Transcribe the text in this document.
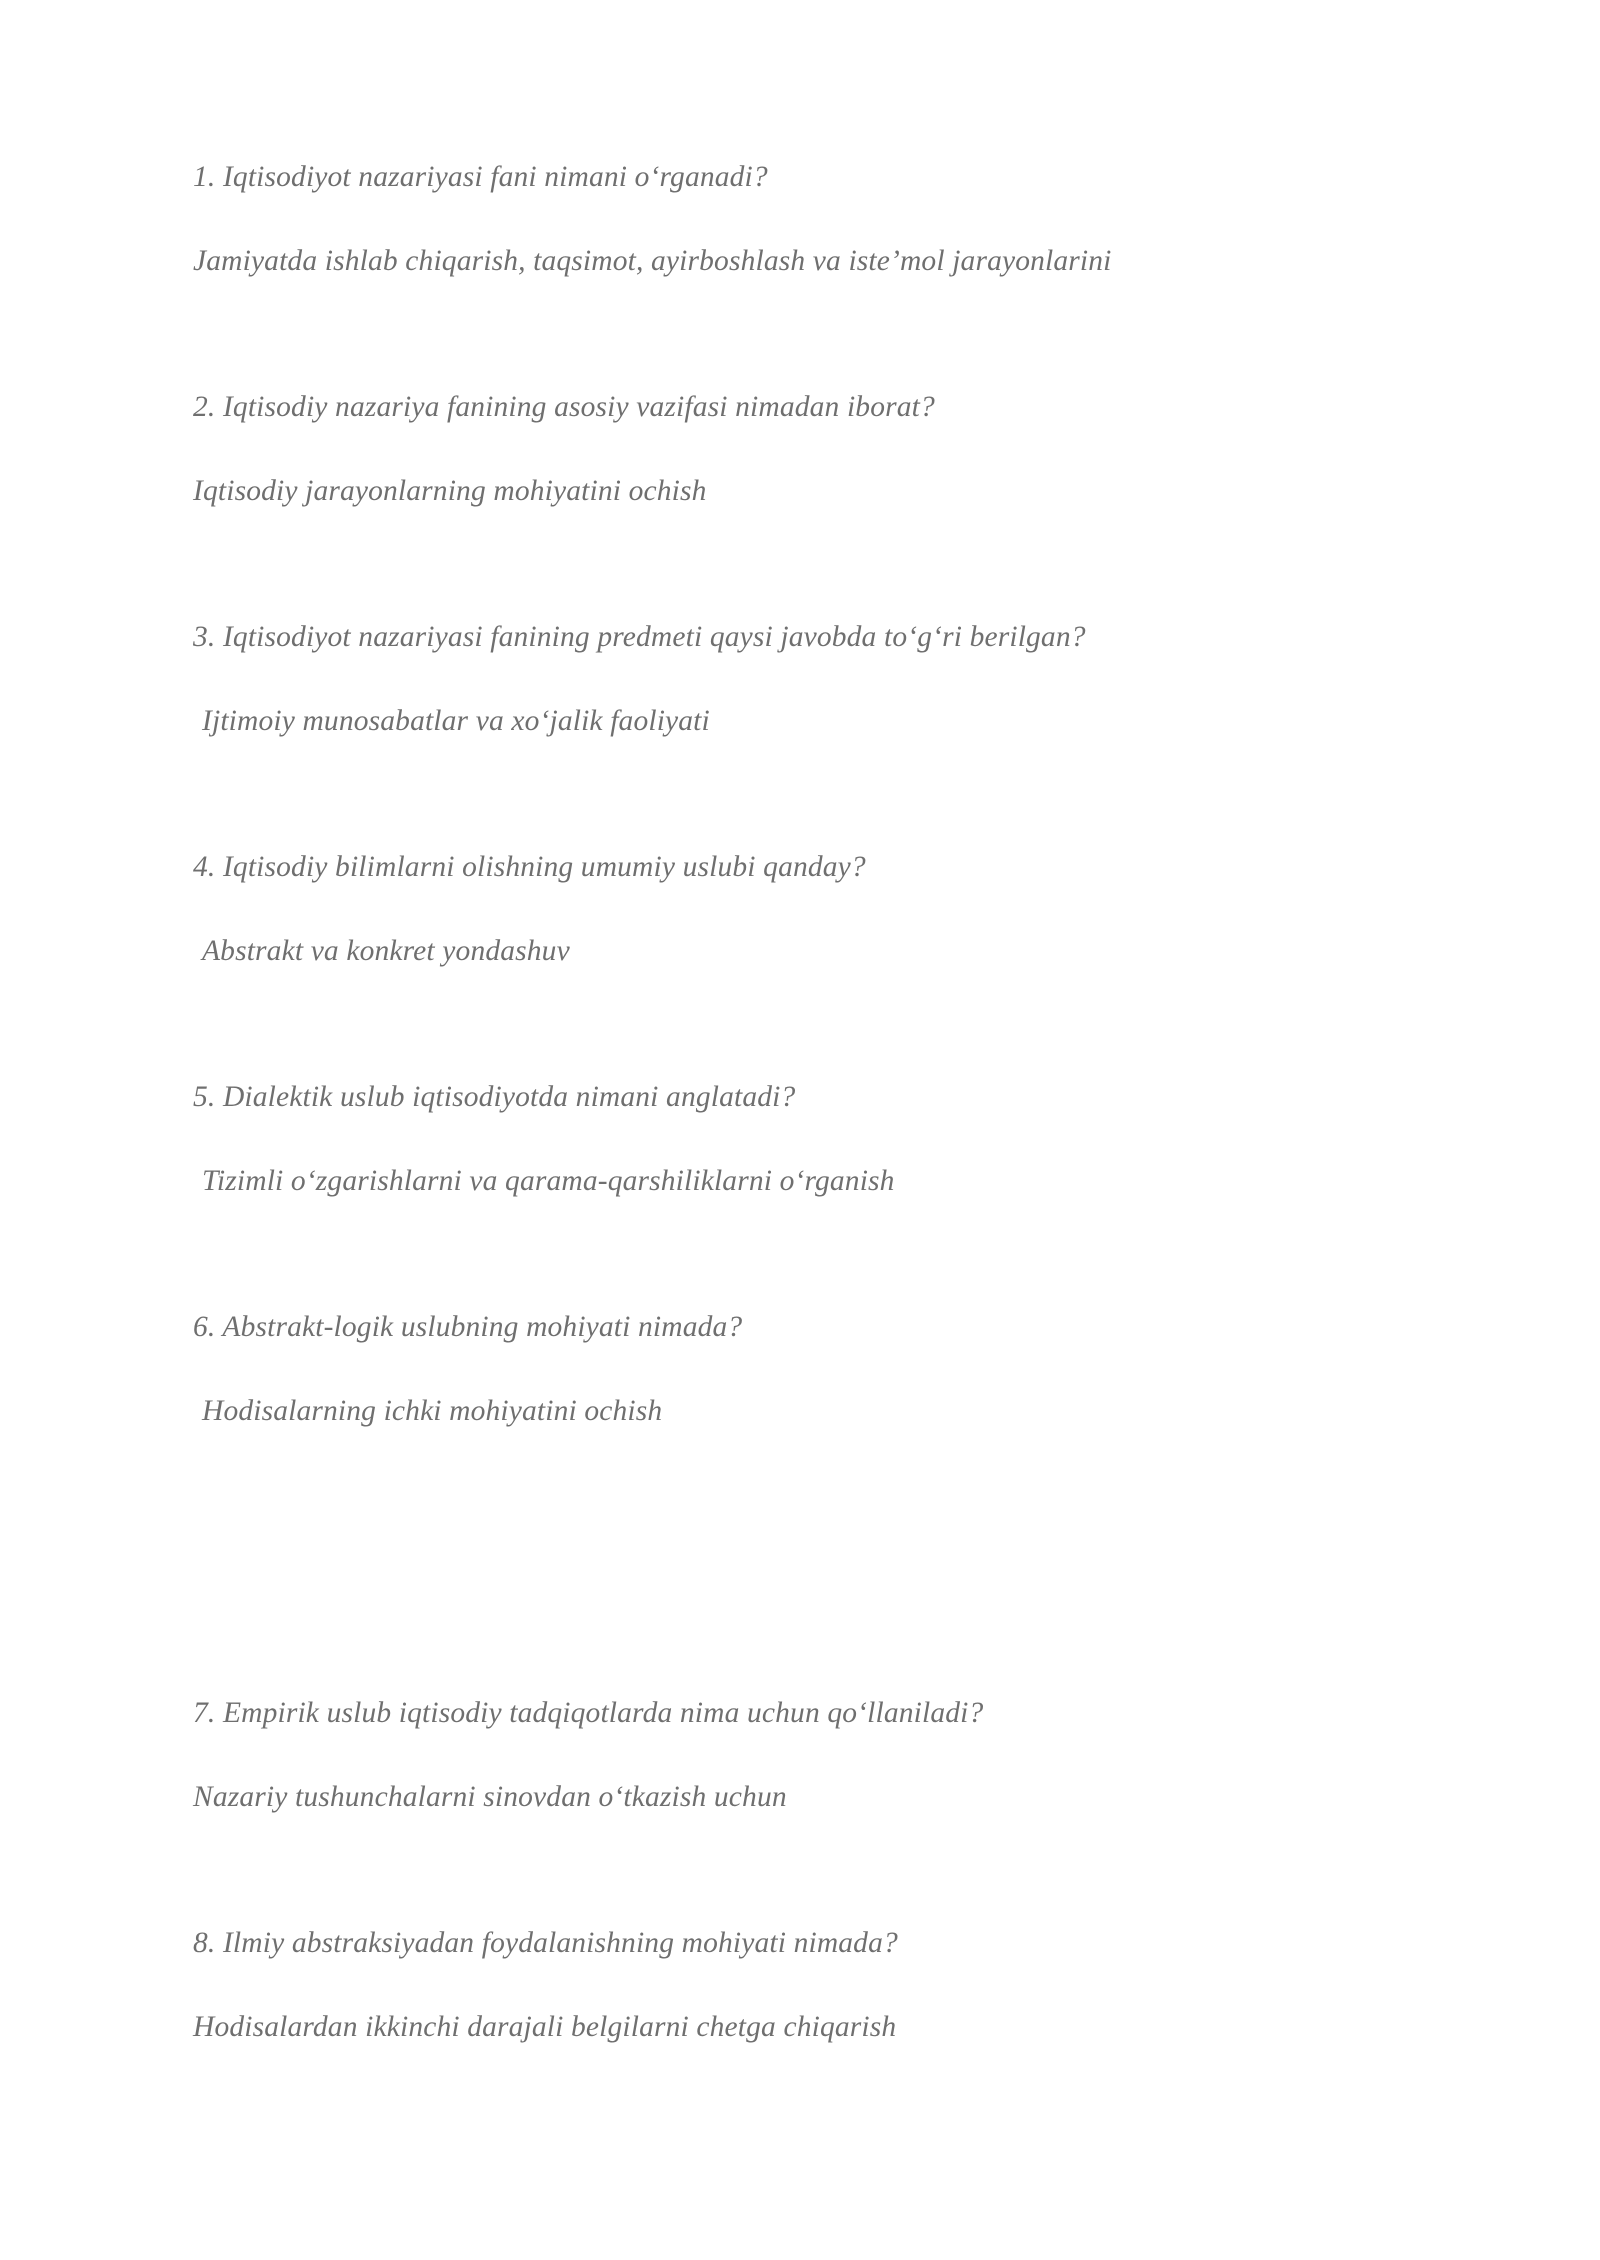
1. Iqtisodiyot nazariyasi fani nimani o‘rganadi?

Jamiyatda ishlab chiqarish, taqsimot, ayirboshlash va iste’mol jarayonlarini

2. Iqtisodiy nazariya fanining asosiy vazifasi nimadan iborat?

Iqtisodiy jarayonlarning mohiyatini ochish

3. Iqtisodiyot nazariyasi fanining predmeti qaysi javobda to‘g‘ri berilgan?

Ijtimoiy munosabatlar va xo‘jalik faoliyati

4. Iqtisodiy bilimlarni olishning umumiy uslubi qanday?

Abstrakt va konkret yondashuv

5. Dialektik uslub iqtisodiyotda nimani anglatadi?

Tizimli o‘zgarishlarni va qarama-qarshiliklarni o‘rganish

6. Abstrakt-logik uslubning mohiyati nimada?

Hodisalarning ichki mohiyatini ochish

7. Empirik uslub iqtisodiy tadqiqotlarda nima uchun qo‘llaniladi?

Nazariy tushunchalarni sinovdan o‘tkazish uchun

8. Ilmiy abstraksiyadan foydalanishning mohiyati nimada?

Hodisalardan ikkinchi darajali belgilarni chetga chiqarish
